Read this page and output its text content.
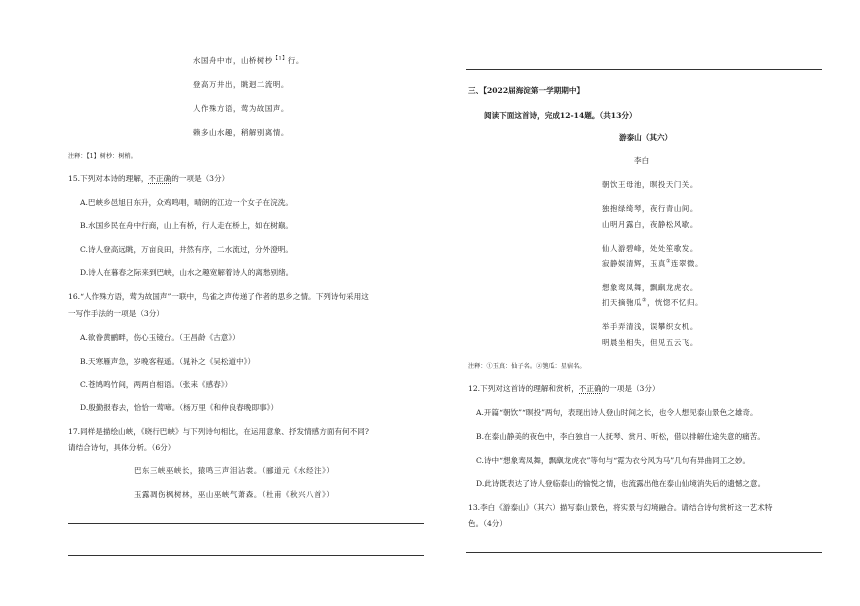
水国舟中市，山桥树杪$^{【1】}$行。
登高万井出，眺迥二流明。
人作殊方语，莺为故国声。
赖多山水趣，稍解别离情。
注释：【1】树杪：树梢。
15.下列对本诗的理解，不正确的一项是（3分）
A.巴峡乡邑旭日东升，众鸡鸣唱，晴朗的江边一个女子在浣洗。
B.水国乡民在舟中行商，山上有桥，行人走在桥上，如在树巅。
C.诗人登高远眺，万亩良田，井然有序，二水流过，分外澄明。
D.诗人在暮春之际来到巴峡，山水之趣宽解着诗人的离愁别绪。
16.“人作殊方语，莺为故国声”一联中，鸟雀之声传递了作者的思乡之情。下列诗句采用这
一写作手法的一项是（3分）
A.欲眷黄鹂畔，伤心玉镜台。（王昌龄《古意》）
B.天寒雁声急，岁晚客程遥。（晁补之《吴松道中》）
C.苍鸠鸣竹间，两两自相语。（张耒《感春》）
D.殷勤报春去，恰恰一莺啼。（杨万里《和仲良春晚即事》）
17.同样是描绘山峡，《晓行巴峡》与下列诗句相比，在运用意象、抒发情感方面有何不同?
请结合诗句，具体分析。（6分）
巴东三峡巫峡长，猿鸣三声泪沾裳。（郦道元《水经注》）
玉露凋伤枫树林，巫山巫峡气萧森。（杜甫《秋兴八首》）
三、【2022届海淀第一学期期中】
阅读下面这首诗，完成12-14题。（共13分）
游泰山（其六）
李白
朝饮王母池，暝投天门关。
独抱绿绮琴，夜行青山间。
山明月露白，夜静松风歇。
仙人游碧峰，处处笙歌发。
寂静娱清辉，玉真①连翠微。
想象鸾凤舞，飘飖龙虎衣。
扪天摘匏瓜②，恍惚不忆归。
举手弄清浅，误攀织女机。
明晨坐相失，但见五云飞。
注释：①玉真：仙子名。②匏瓜：星宿名。
12.下列对这首诗的理解和赏析，不正确的一项是（3分）
A.开篇“朝饮”“暝投”两句，表现出诗人登山时间之长，也令人想见泰山景色之雄奇。
B.在泰山静美的夜色中，李白独自一人抚琴、赏月、听松，借以排解仕途失意的痛苦。
C.诗中“想象鸾凤舞，飘飖龙虎衣”等句与“霓为衣兮风为马”几句有异曲同工之妙。
D.此诗既表达了诗人登临泰山的愉悦之情，也流露出他在泰山仙境消失后的遗憾之意。
13.李白《游泰山》（其六）描写泰山景色，将实景与幻境融合。请结合诗句赏析这一艺术特
色。（4分）
